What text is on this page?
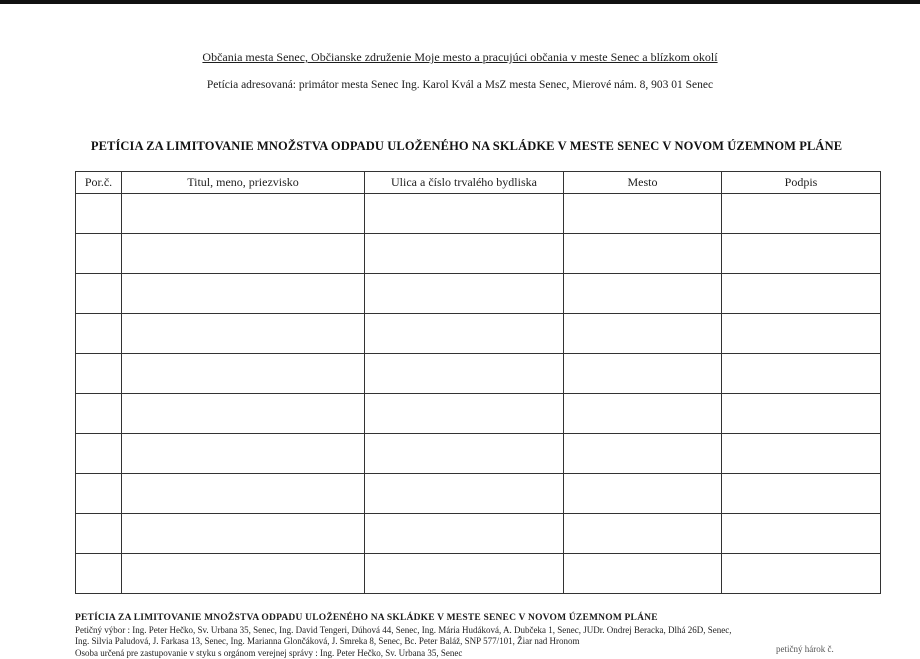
Občania mesta Senec, Občianske združenie Moje mesto a pracujúci občania v meste Senec a blízkom okolí
Petícia adresovaná: primátor mesta Senec Ing. Karol Kvál a MsZ mesta Senec, Mierové nám. 8, 903 01 Senec
PETÍCIA ZA LIMITOVANIE MNOŽSTVA ODPADU ULOŽENÉHO NA SKLÁDKE V MESTE SENEC V NOVOM ÚZEMNOM PLÁNE
Por.č.	Titul, meno, priezvisko	Ulica a číslo trvalého bydliska	Mesto	Podpis

PETÍCIA ZA LIMITOVANIE MNOŽSTVA ODPADU ULOŽENÉHO NA SKLÁDKE V MESTE SENEC V NOVOM ÚZEMNOM PLÁNE
Petičný výbor : Ing. Peter Hečko, Sv. Urbana 35, Senec, Ing. David Tengeri, Dúhová 44, Senec, Ing. Mária Hudáková, A. Dubčeka 1, Senec, JUDr. Ondrej Beracka, Dlhá 26D, Senec,
Ing. Silvia Paludová, J. Farkasa 13, Senec, Ing. Marianna Glončáková, J. Smreka 8, Senec, Bc. Peter Baláž, SNP 577/101, Žiar nad Hronom
Osoba určená pre zastupovanie v styku s orgánom verejnej správy : Ing. Peter Hečko, Sv. Urbana 35, Senec	petičný hárok č.
